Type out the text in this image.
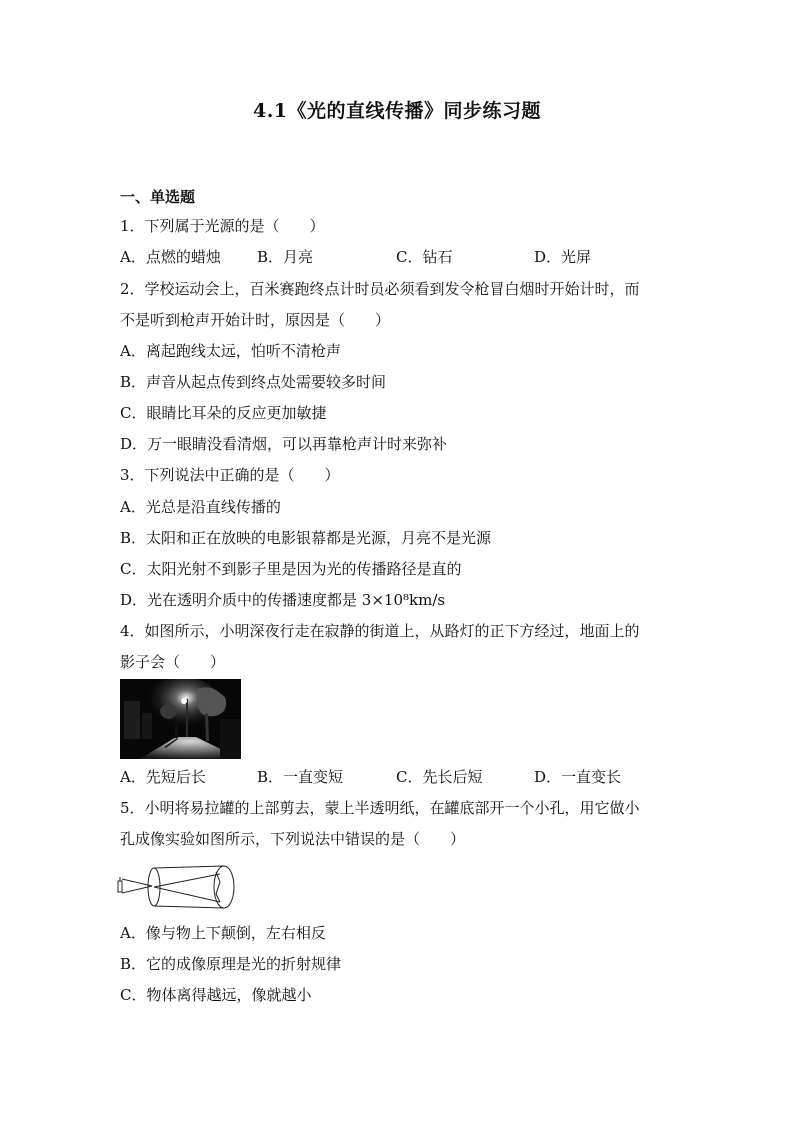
4.1《光的直线传播》同步练习题
一、单选题
1．下列属于光源的是（　　）
A．点燃的蜡烛 B．月亮	C．钻石	D．光屏
2．学校运动会上，百米赛跑终点计时员必须看到发令枪冒白烟时开始计时，而
不是听到枪声开始计时，原因是（　　）
A．离起跑线太远，怕听不清枪声
B．声音从起点传到终点处需要较多时间
C．眼睛比耳朵的反应更加敏捷
D．万一眼睛没看清烟，可以再靠枪声计时来弥补
3．下列说法中正确的是（　　）
A．光总是沿直线传播的
B．太阳和正在放映的电影银幕都是光源，月亮不是光源
C．太阳光射不到影子里是因为光的传播路径是直的
D．光在透明介质中的传播速度都是 3×10⁸km/s
4．如图所示，小明深夜行走在寂静的街道上，从路灯的正下方经过，地面上的
影子会（　　）
A．先短后长	B．一直变短	C．先长后短	D．一直变长
5．小明将易拉罐的上部剪去，蒙上半透明纸，在罐底部开一个小孔，用它做小
孔成像实验如图所示，下列说法中错误的是（　　）
A．像与物上下颠倒，左右相反
B．它的成像原理是光的折射规律
C．物体离得越远，像就越小
